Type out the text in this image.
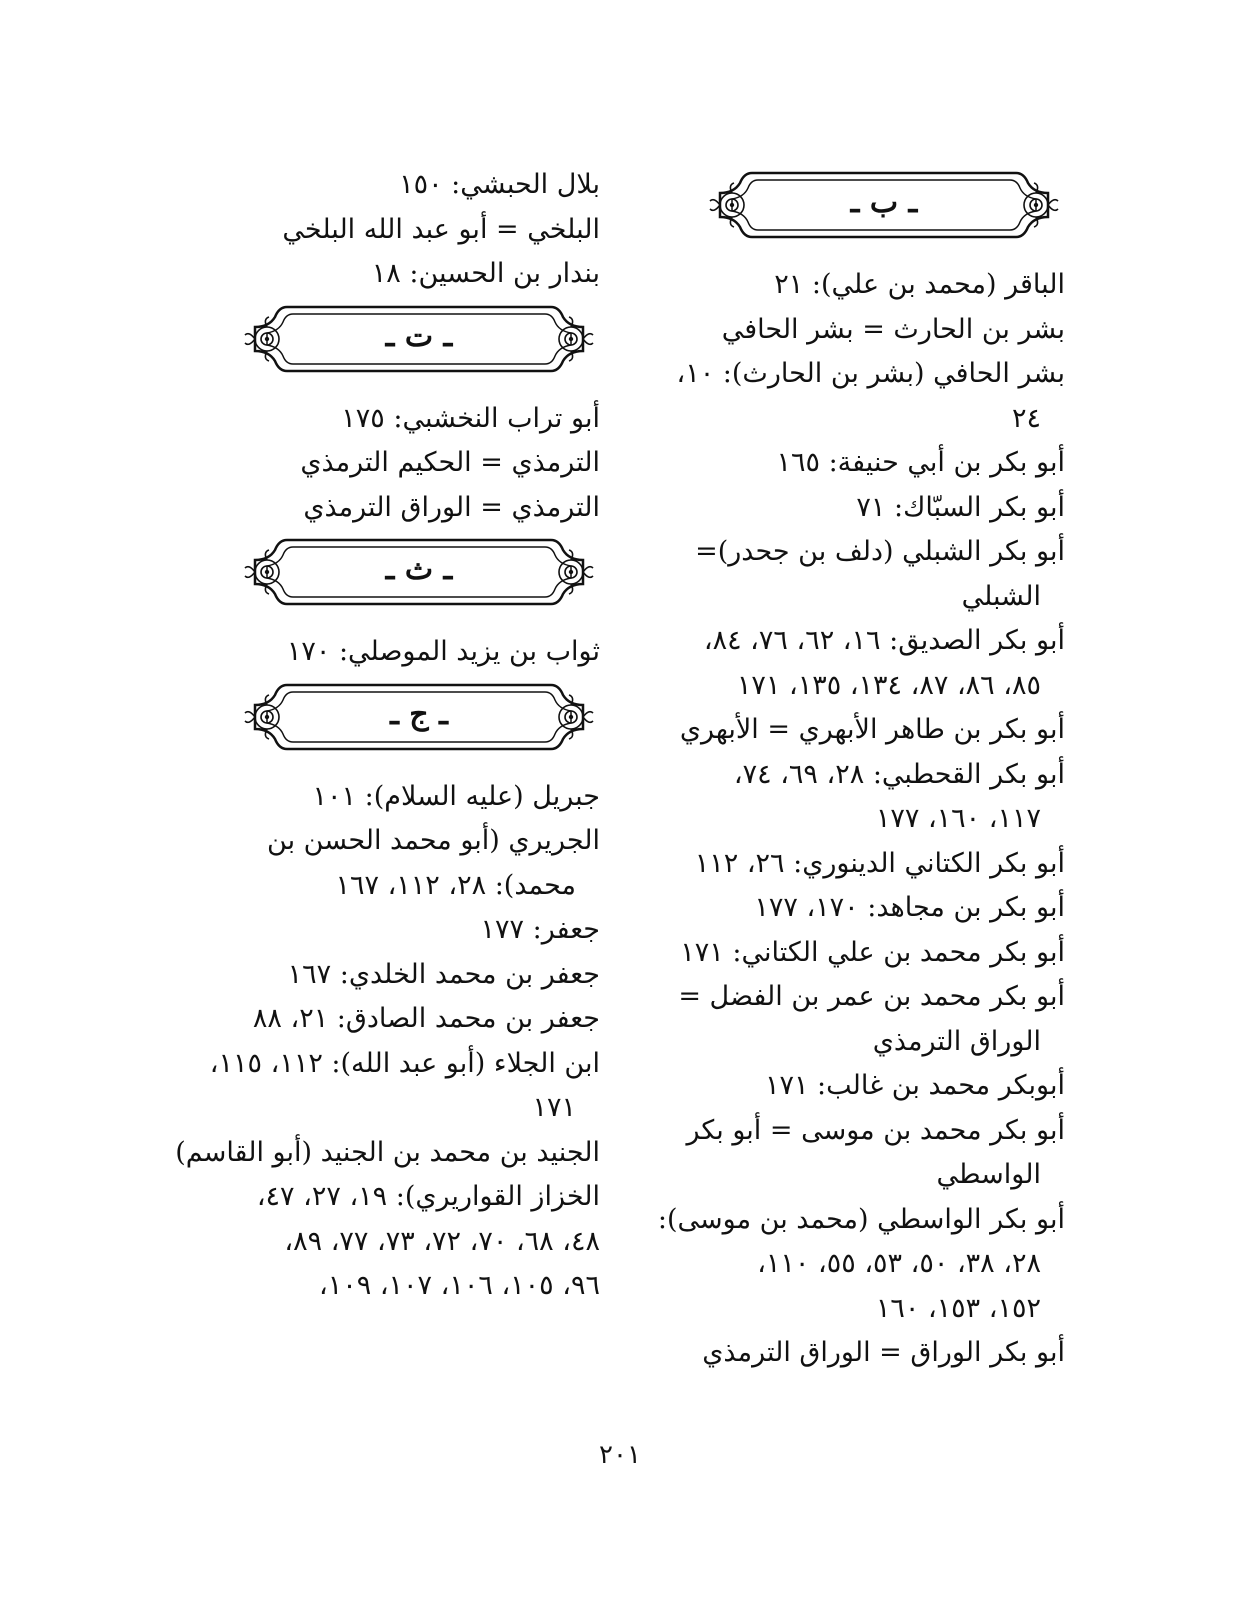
ـ ب ـ
الباقر (محمد بن علي): ٢١
بشر بن الحارث = بشر الحافي
بشر الحافي (بشر بن الحارث): ١٠،
٢٤
أبو بكر بن أبي حنيفة: ١٦٥
أبو بكر السبّاك: ٧١
أبو بكر الشبلي (دلف بن جحدر)=
الشبلي
أبو بكر الصديق: ١٦، ٦٢، ٧٦، ٨٤،
٨٥، ٨٦، ٨٧، ١٣٤، ١٣٥، ١٧١
أبو بكر بن طاهر الأبهري = الأبهري
أبو بكر القحطبي: ٢٨، ٦٩، ٧٤،
١١٧، ١٦٠، ١٧٧
أبو بكر الكتاني الدينوري: ٢٦، ١١٢
أبو بكر بن مجاهد: ١٧٠، ١٧٧
أبو بكر محمد بن علي الكتاني: ١٧١
أبو بكر محمد بن عمر بن الفضل =
الوراق الترمذي
أبوبكر محمد بن غالب: ١٧١
أبو بكر محمد بن موسى = أبو بكر
الواسطي
أبو بكر الواسطي (محمد بن موسى):
٢٨، ٣٨، ٥٠، ٥٣، ٥٥، ١١٠،
١٥٢، ١٥٣، ١٦٠
أبو بكر الوراق = الوراق الترمذي
بلال الحبشي: ١٥٠
البلخي = أبو عبد الله البلخي
بندار بن الحسين: ١٨
ـ ت ـ
أبو تراب النخشبي: ١٧٥
الترمذي = الحكيم الترمذي
الترمذي = الوراق الترمذي
ـ ث ـ
ثواب بن يزيد الموصلي: ١٧٠
ـ ج ـ
جبريل (عليه السلام): ١٠١
الجريري (أبو محمد الحسن بن
محمد): ٢٨، ١١٢، ١٦٧
جعفر: ١٧٧
جعفر بن محمد الخلدي: ١٦٧
جعفر بن محمد الصادق: ٢١، ٨٨
ابن الجلاء (أبو عبد الله): ١١٢، ١١٥،
١٧١
الجنيد بن محمد بن الجنيد (أبو القاسم)
الخزاز القواريري): ١٩، ٢٧، ٤٧،
٤٨، ٦٨، ٧٠، ٧٢، ٧٣، ٧٧، ٨٩،
٩٦، ١٠٥، ١٠٦، ١٠٧، ١٠٩،
٢٠١
